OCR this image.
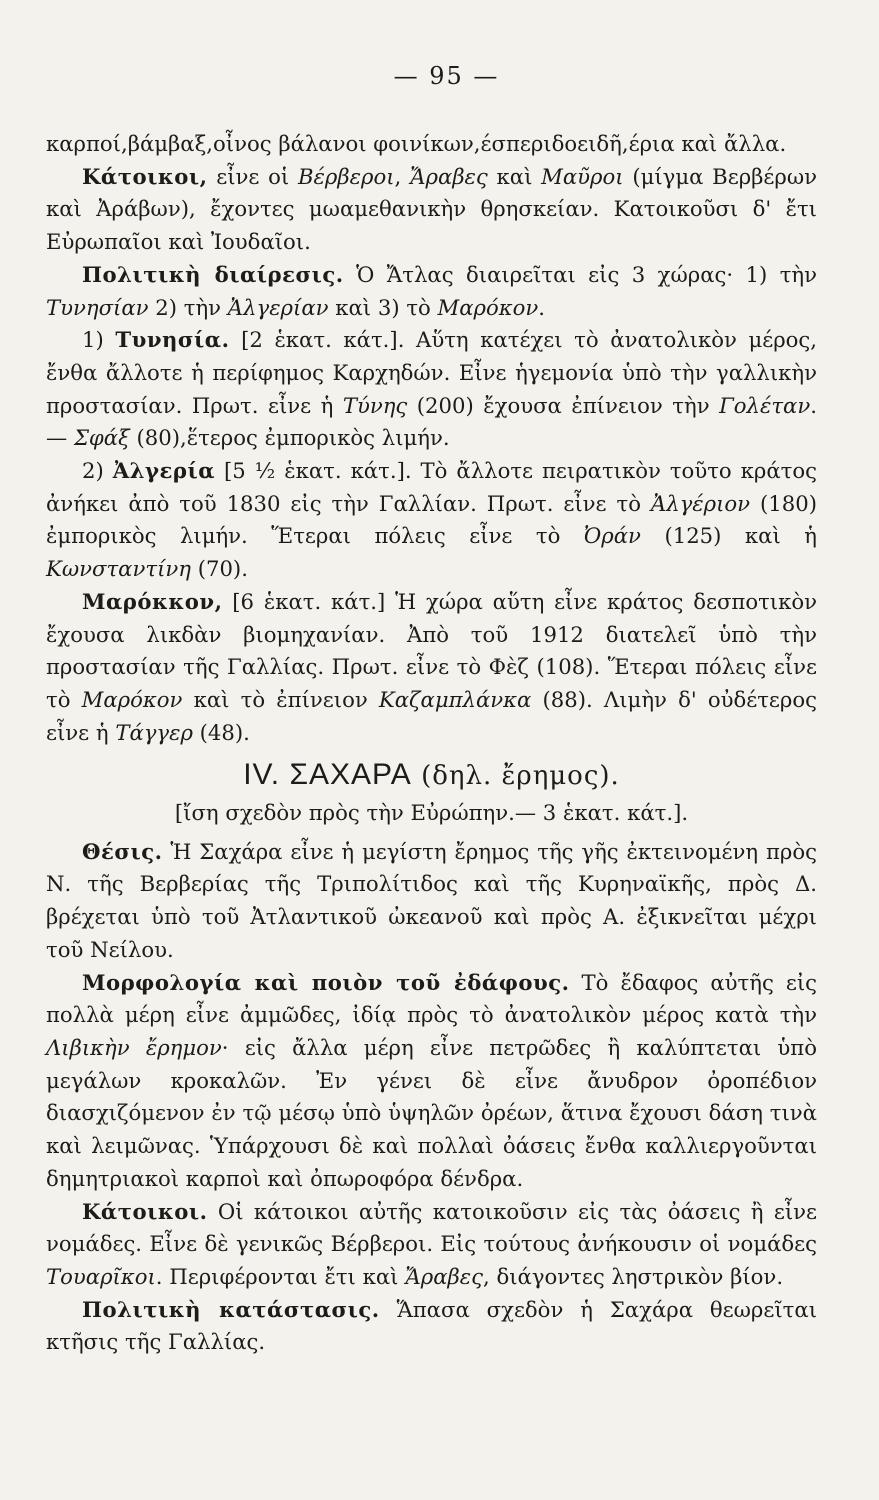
— 95 —

καρποί,βάμβαξ,οἶνος βάλανοι φοινίκων,έσπεριδοειδῆ,έρια καὶ ἄλλα.

Κάτοικοι, εἶνε οἱ Βέρβεροι, Ἄραβες καὶ Μαῦροι (μίγμα Βερβέρων καὶ Ἀράβων), ἔχοντες μωαμεθανικὴν θρησκείαν. Κατοικοῦσι δ' ἔτι Εὐρωπαῖοι καὶ Ἰουδαῖοι.

Πολιτικὴ διαίρεσις. Ὁ Ἄτλας διαιρεῖται εἰς 3 χώρας· 1) τὴν Τυνησίαν 2) τὴν Ἀλγερίαν καὶ 3) τὸ Μαρόκον.

1) Τυνησία. [2 ἑκατ. κάτ.]. Αὕτη κατέχει τὸ ἀνατολικὸν μέρος, ἔνθα ἄλλοτε ἡ περίφημος Καρχηδών. Εἶνε ἡγεμονία ὑπὸ τὴν γαλλικὴν προστασίαν. Πρωτ. εἶνε ἡ Τύνης (200) ἔχουσα ἐπίνειον τὴν Γολέταν. — Σφάξ (80),ἕτερος ἐμπορικὸς λιμήν.

2) Ἀλγερία [5 ½ ἑκατ. κάτ.]. Τὸ ἄλλοτε πειρατικὸν τοῦτο κράτος ἀνήκει ἀπὸ τοῦ 1830 εἰς τὴν Γαλλίαν. Πρωτ. εἶνε τὸ Ἀλγέριον (180) ἐμπορικὸς λιμήν. Ἕτεραι πόλεις εἶνε τὸ Ὀράν (125) καὶ ἡ Κωνσταντίνη (70).

Μαρόκκον, [6 ἑκατ. κάτ.] Ἡ χώρα αὕτη εἶνε κράτος δεσποτικὸν ἔχουσα λικδὰν βιομηχανίαν. Ἀπὸ τοῦ 1912 διατελεῖ ὑπὸ τὴν προστασίαν τῆς Γαλλίας. Πρωτ. εἶνε τὸ Φὲζ (108). Ἕτεραι πόλεις εἶνε τὸ Μαρόκον καὶ τὸ ἐπίνειον Καζαμπλάνκα (88). Λιμὴν δ' οὐδέτερος εἶνε ἡ Τάγγερ (48).

IV. ΣΑΧΑΡΑ (δηλ. ἔρημος).
[ἴση σχεδὸν πρὸς τὴν Εὐρώπην.— 3 ἑκατ. κάτ.].

Θέσις. Ἡ Σαχάρα εἶνε ἡ μεγίστη ἔρημος τῆς γῆς ἐκτεινομένη πρὸς Ν. τῆς Βερβερίας τῆς Τριπολίτιδος καὶ τῆς Κυρηναϊκῆς, πρὸς Δ. βρέχεται ὑπὸ τοῦ Ἀτλαντικοῦ ὠκεανοῦ καὶ πρὸς Α. ἐξικνεῖται μέχρι τοῦ Νείλου.

Μορφολογία καὶ ποιὸν τοῦ ἐδάφους. Τὸ ἔδαφος αὐτῆς εἰς πολλὰ μέρη εἶνε ἀμμῶδες, ἰδίᾳ πρὸς τὸ ἀνατολικὸν μέρος κατὰ τὴν Λιβικὴν ἔρημον· εἰς ἄλλα μέρη εἶνε πετρῶδες ἢ καλύπτεται ὑπὸ μεγάλων κροκαλῶν. Ἐν γένει δὲ εἶνε ἄνυδρον ὀροπέδιον διασχιζόμενον ἐν τῷ μέσῳ ὑπὸ ὑψηλῶν ὀρέων, ἅτινα ἔχουσι δάση τινὰ καὶ λειμῶνας. Ὑπάρχουσι δὲ καὶ πολλαὶ ὀάσεις ἔνθα καλλιεργοῦνται δημητριακοὶ καρποὶ καὶ ὀπωροφόρα δένδρα.

Κάτοικοι. Οἱ κάτοικοι αὐτῆς κατοικοῦσιν εἰς τὰς ὀάσεις ἢ εἶνε νομάδες. Εἶνε δὲ γενικῶς Βέρβεροι. Εἰς τούτους ἀνήκουσιν οἱ νομάδες Τουαρῖκοι. Περιφέρονται ἔτι καὶ Ἄραβες, διάγοντες ληστρικὸν βίον.

Πολιτικὴ κατάστασις. Ἅπασα σχεδὸν ἡ Σαχάρα θεωρεῖται κτῆσις τῆς Γαλλίας.
